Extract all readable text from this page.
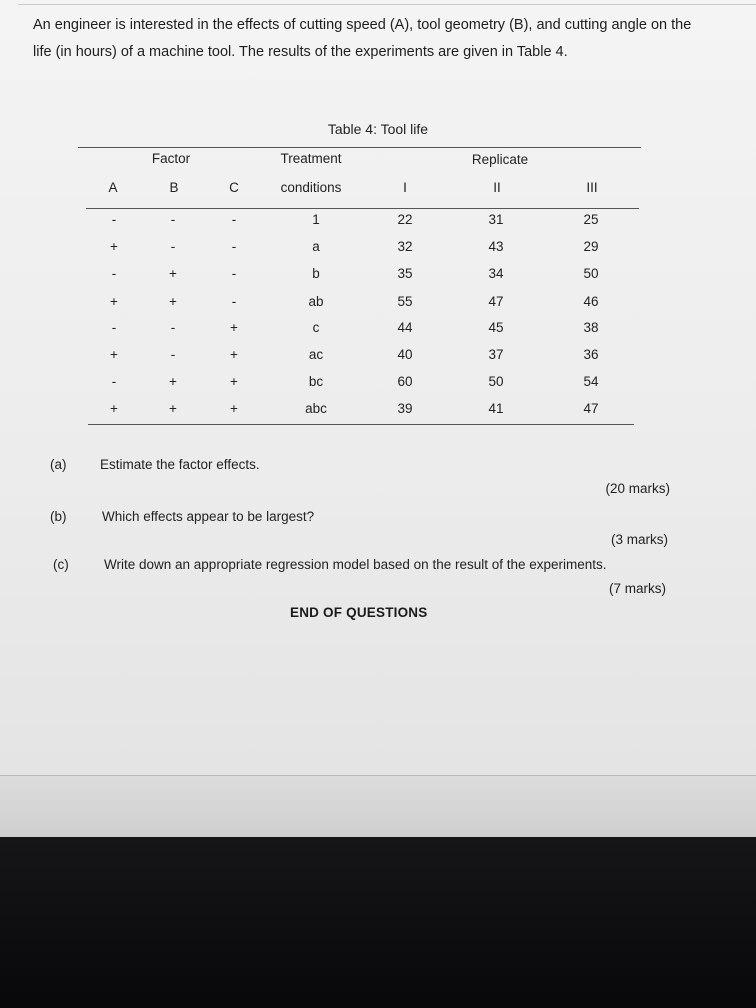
An engineer is interested in the effects of cutting speed (A), tool geometry (B), and cutting angle on the life (in hours) of a machine tool. The results of the experiments are given in Table 4.
Table 4: Tool life
Factor	Treatment	Replicate
A	B	C	conditions	I	II	III
-	-	-	1	22	31	25
+	-	-	a	32	43	29
-	+	-	b	35	34	50
+	+	-	ab	55	47	46
-	-	+	c	44	45	38
+	-	+	ac	40	37	36
-	+	+	bc	60	50	54
+	+	+	abc	39	41	47
(a) Estimate the factor effects.
(20 marks)
(b)	Which effects appear to be largest?
(3 marks)
(c)	Write down an appropriate regression model based on the result of the experiments.
(7 marks)
END OF QUESTIONS
